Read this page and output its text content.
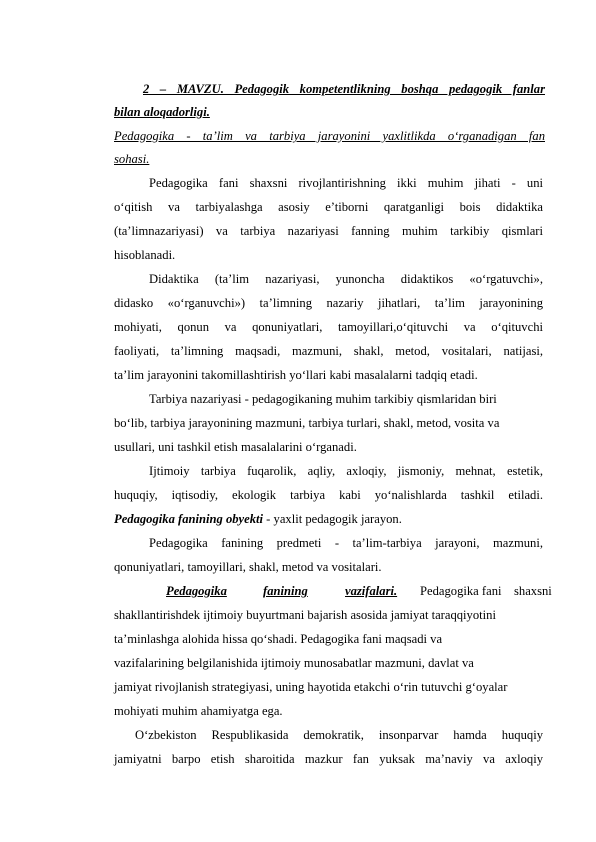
2 – MAVZU. Pedagogik kompetentlikning boshqa pedagogik fanlar
bilan aloqadorligi.
Pedagogika - ta’lim va tarbiya jarayonini yaxlitlikda o‘rganadigan fan
sohasi.
Pedagogika fani shaxsni rivojlantirishning ikki muhim jihati - uni
o‘qitish va tarbiyalashga asosiy e’tiborni qaratganligi bois didaktika
(ta’limnazariyasi) va tarbiya nazariyasi fanning muhim tarkibiy qismlari
hisoblanadi.
Didaktika (ta’lim nazariyasi, yunoncha didaktikos «o‘rgatuvchi»,
didasko «o‘rganuvchi») ta’limning nazariy jihatlari, ta’lim jarayonining
mohiyati, qonun va qonuniyatlari, tamoyillari,o‘qituvchi va o‘qituvchi
faoliyati, ta’limning maqsadi, mazmuni, shakl, metod, vositalari, natijasi,
ta’lim jarayonini takomillashtirish yo‘llari kabi masalalarni tadqiq etadi.
Tarbiya nazariyasi - pedagogikaning muhim tarkibiy qismlaridan biri
bo‘lib, tarbiya jarayonining mazmuni, tarbiya turlari, shakl, metod, vosita va
usullari, uni tashkil etish masalalarini o‘rganadi.
Ijtimoiy tarbiya fuqarolik, aqliy, axloqiy, jismoniy, mehnat, estetik,
huquqiy, iqtisodiy, ekologik tarbiya kabi yo‘nalishlarda tashkil etiladi.
Pedagogika fanining obyekti - yaxlit pedagogik jarayon.
Pedagogika fanining predmeti - ta’lim-tarbiya jarayoni, mazmuni,
qonuniyatlari, tamoyillari, shakl, metod va vositalari.
Pedagogika	fanining	vazifalari. Pedagogika fani shaxsni
shakllantirishdek ijtimoiy buyurtmani bajarish asosida jamiyat taraqqiyotini
ta’minlashga alohida hissa qo‘shadi. Pedagogika fani maqsadi va
vazifalarining belgilanishida ijtimoiy munosabatlar mazmuni, davlat va
jamiyat rivojlanish strategiyasi, uning hayotida etakchi o‘rin tutuvchi g‘oyalar
mohiyati muhim ahamiyatga ega.
O‘zbekiston Respublikasida demokratik, insonparvar hamda huquqiy
jamiyatni barpo etish sharoitida mazkur fan yuksak ma’naviy va axloqiy
